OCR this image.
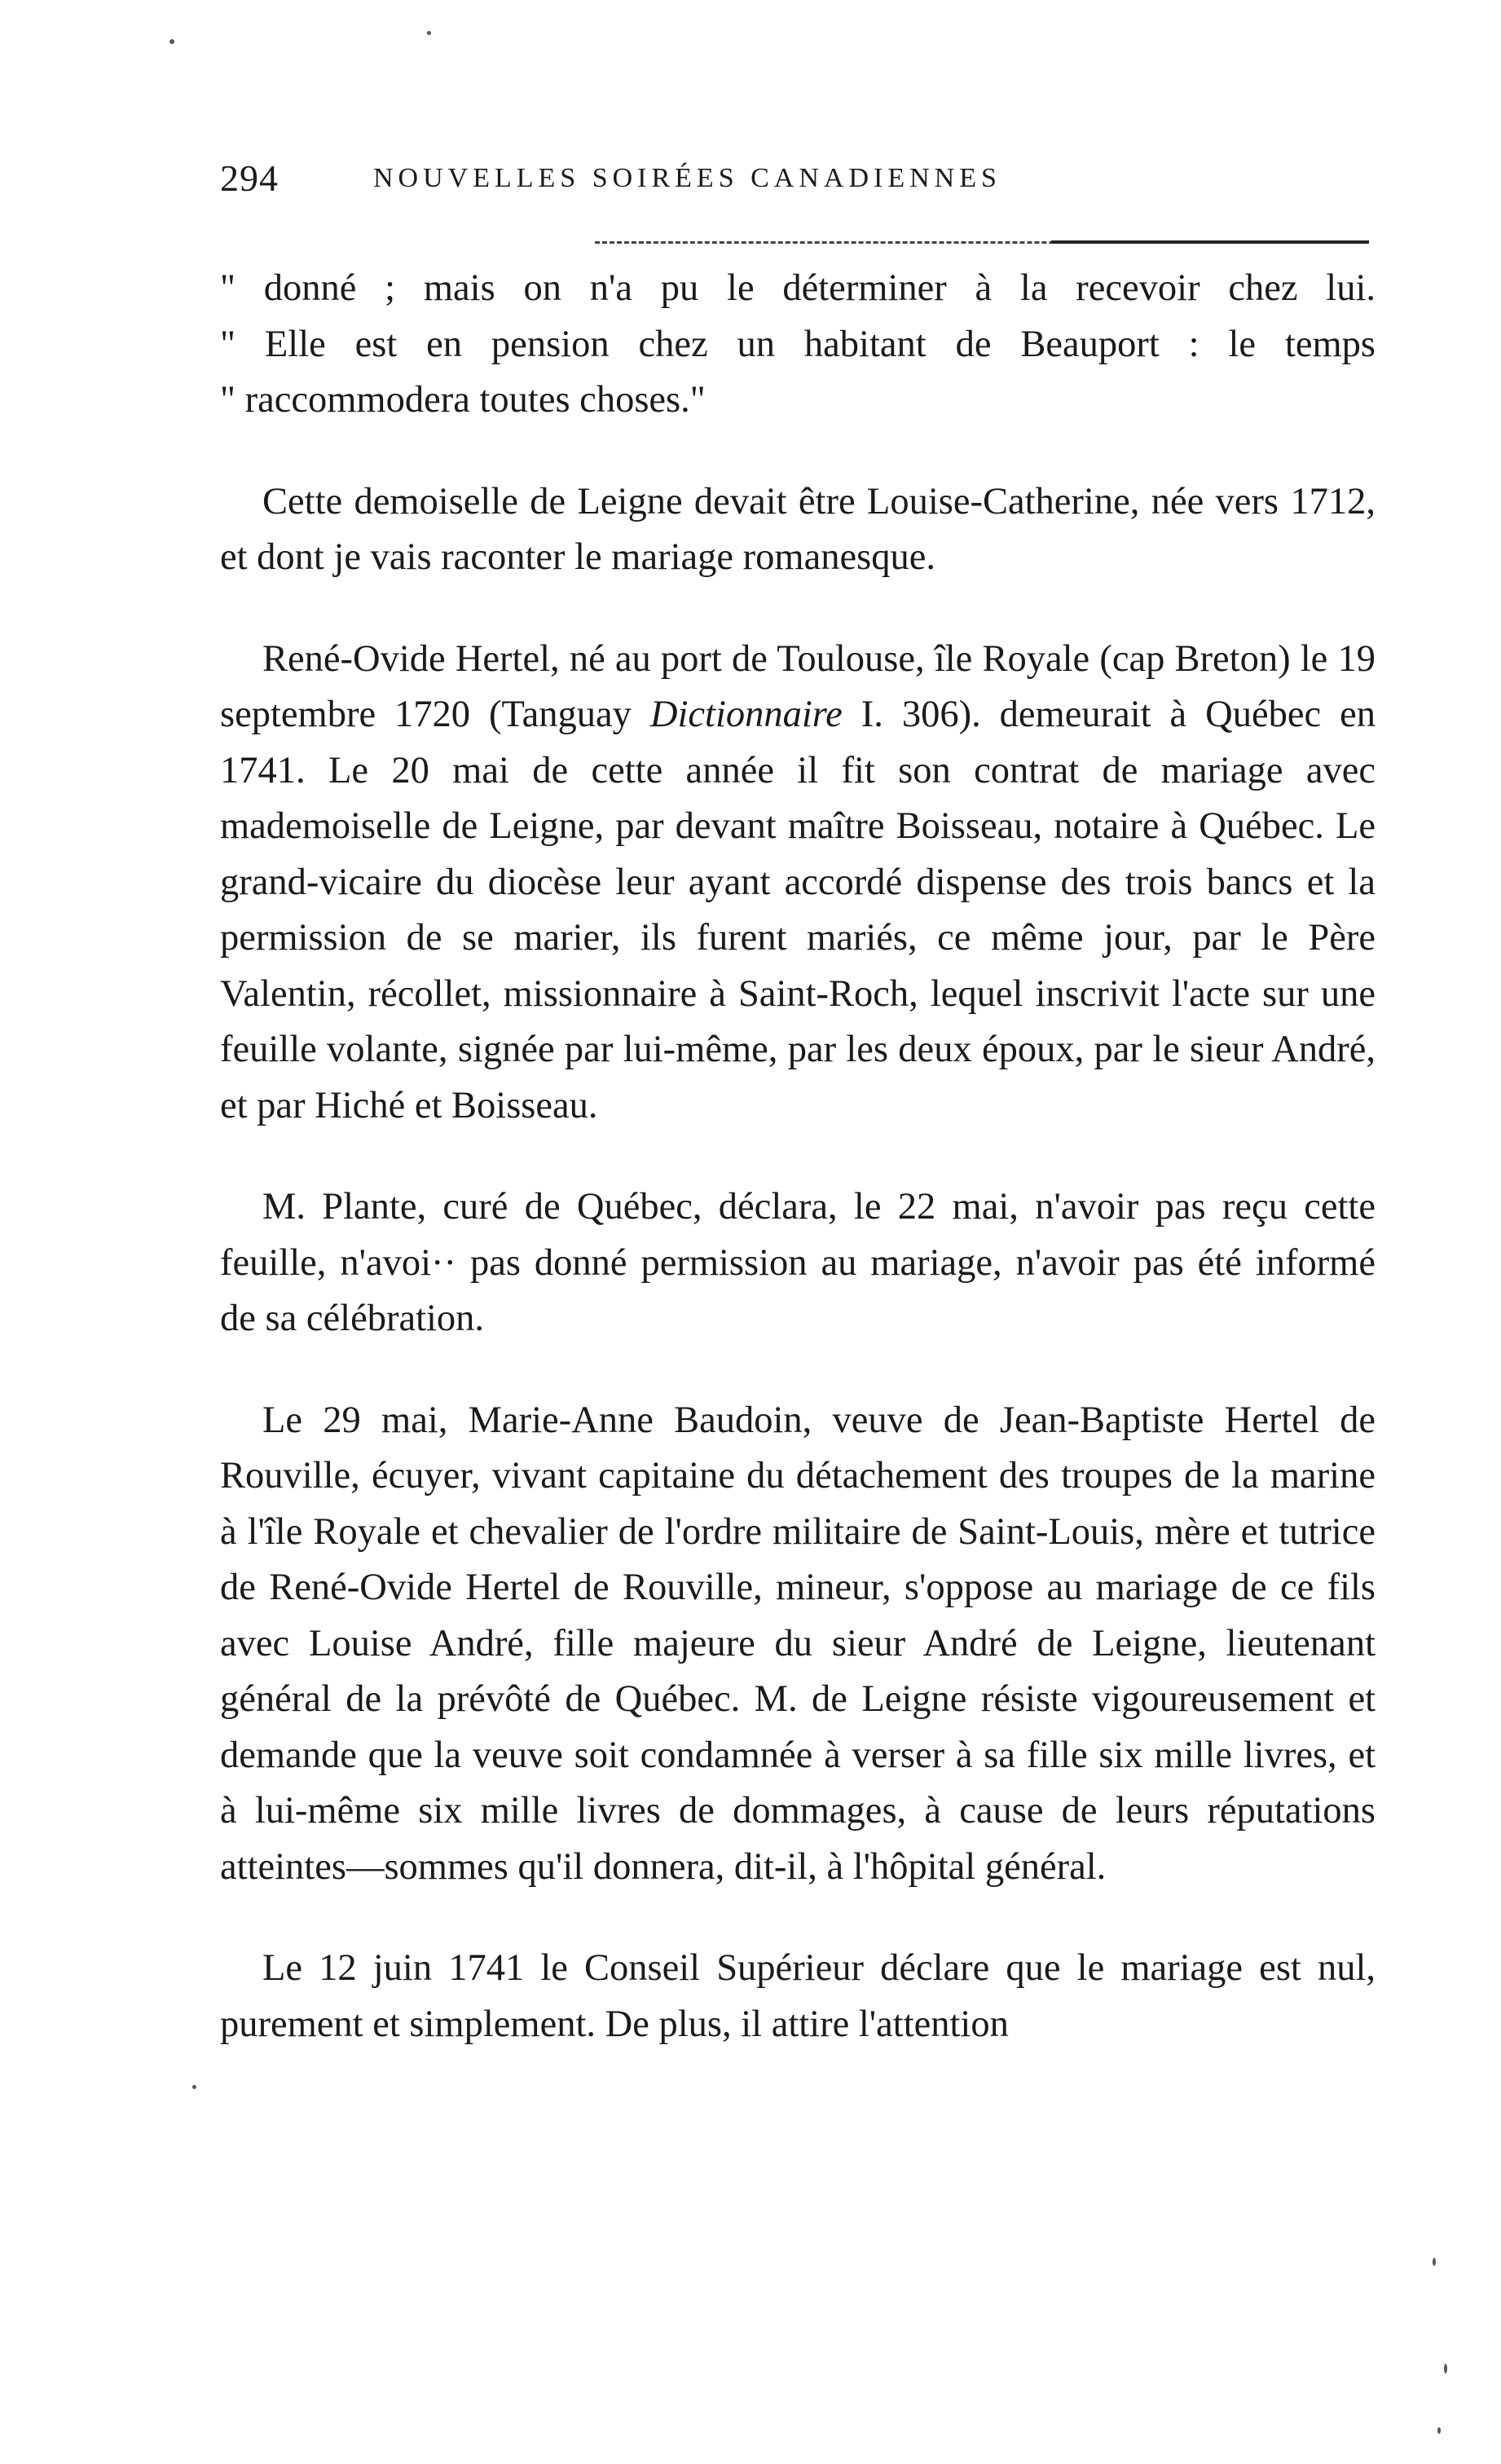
294	NOUVELLES SOIRÉES CANADIENNES

" donné ; mais on n'a pu le déterminer à la recevoir chez lui.
" Elle est en pension chez un habitant de Beauport : le temps
" raccommodera toutes choses."

Cette demoiselle de Leigne devait être Louise-Catherine, née vers 1712, et dont je vais raconter le mariage romanesque.

René-Ovide Hertel, né au port de Toulouse, île Royale (cap Breton) le 19 septembre 1720 (Tanguay Dictionnaire I. 306). demeurait à Québec en 1741. Le 20 mai de cette année il fit son contrat de mariage avec mademoiselle de Leigne, par devant maître Boisseau, notaire à Québec. Le grand-vicaire du diocèse leur ayant accordé dispense des trois bancs et la permission de se marier, ils furent mariés, ce même jour, par le Père Valentin, récollet, missionnaire à Saint-Roch, lequel inscrivit l'acte sur une feuille volante, signée par lui-même, par les deux époux, par le sieur André, et par Hiché et Boisseau.

M. Plante, curé de Québec, déclara, le 22 mai, n'avoir pas reçu cette feuille, n'avoi·· pas donné permission au mariage, n'avoir pas été informé de sa célébration.

Le 29 mai, Marie-Anne Baudoin, veuve de Jean-Baptiste Hertel de Rouville, écuyer, vivant capitaine du détachement des troupes de la marine à l'île Royale et chevalier de l'ordre militaire de Saint-Louis, mère et tutrice de René-Ovide Hertel de Rouville, mineur, s'oppose au mariage de ce fils avec Louise André, fille majeure du sieur André de Leigne, lieutenant général de la prévôté de Québec. M. de Leigne résiste vigoureusement et demande que la veuve soit condamnée à verser à sa fille six mille livres, et à lui-même six mille livres de dommages, à cause de leurs réputations atteintes—sommes qu'il donnera, dit-il, à l'hôpital général.

Le 12 juin 1741 le Conseil Supérieur déclare que le mariage est nul, purement et simplement. De plus, il attire l'attention
